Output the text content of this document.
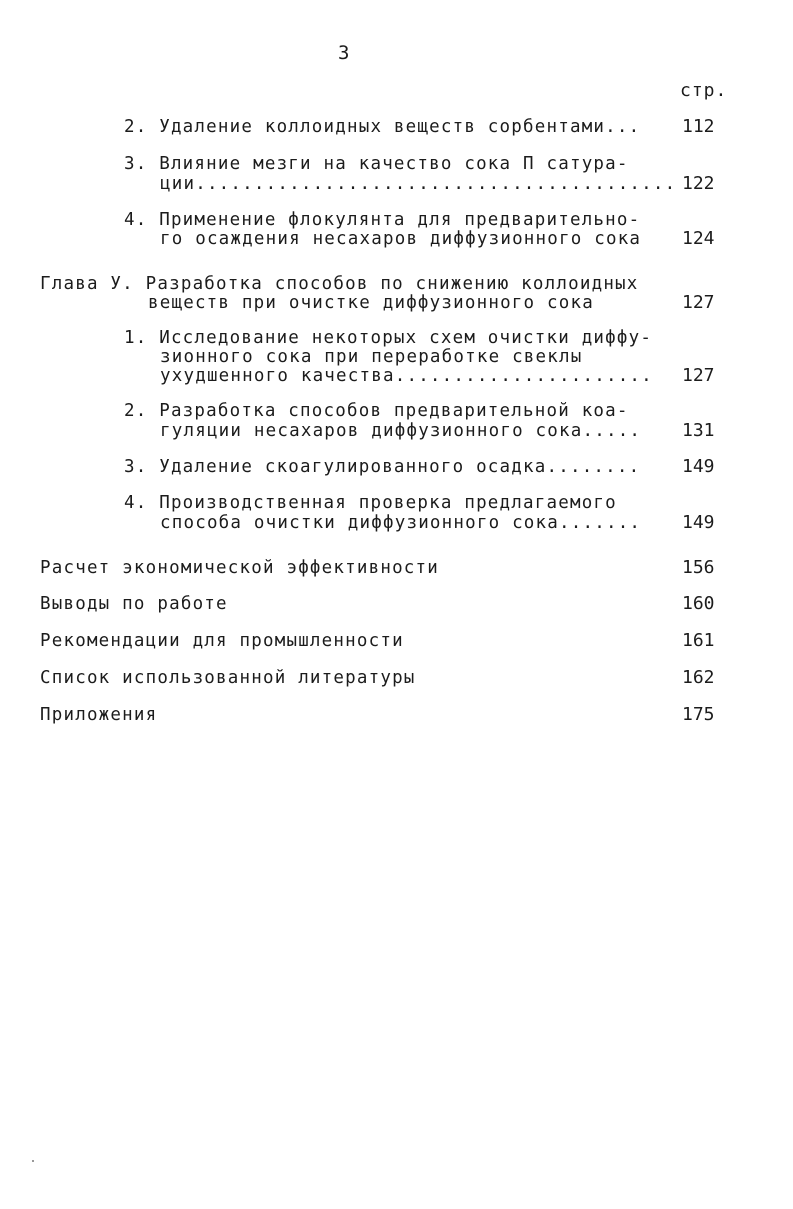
3
стр.
2. Удаление коллоидных веществ сорбентами... 112
3. Влияние мезги на качество сока П сатура-
ции......................................... 122
4. Применение флокулянта для предварительно-
го осаждения несахаров диффузионного сока 124
Глава У. Разработка способов по снижению коллоидных
веществ при очистке диффузионного сока	127
1. Исследование некоторых схем очистки диффу-
зионного сока при переработке свеклы
ухудшенного качества...................... 127
2. Разработка способов предварительной коа-
гуляции несахаров диффузионного сока..... 131
3. Удаление скоагулированного осадка........ 149
4. Производственная проверка предлагаемого
способа очистки диффузионного сока....... 149
Расчет экономической эффективности	156
Выводы по работе	160
Рекомендации для промышленности	161
Список использованной литературы	162
Приложения	175
